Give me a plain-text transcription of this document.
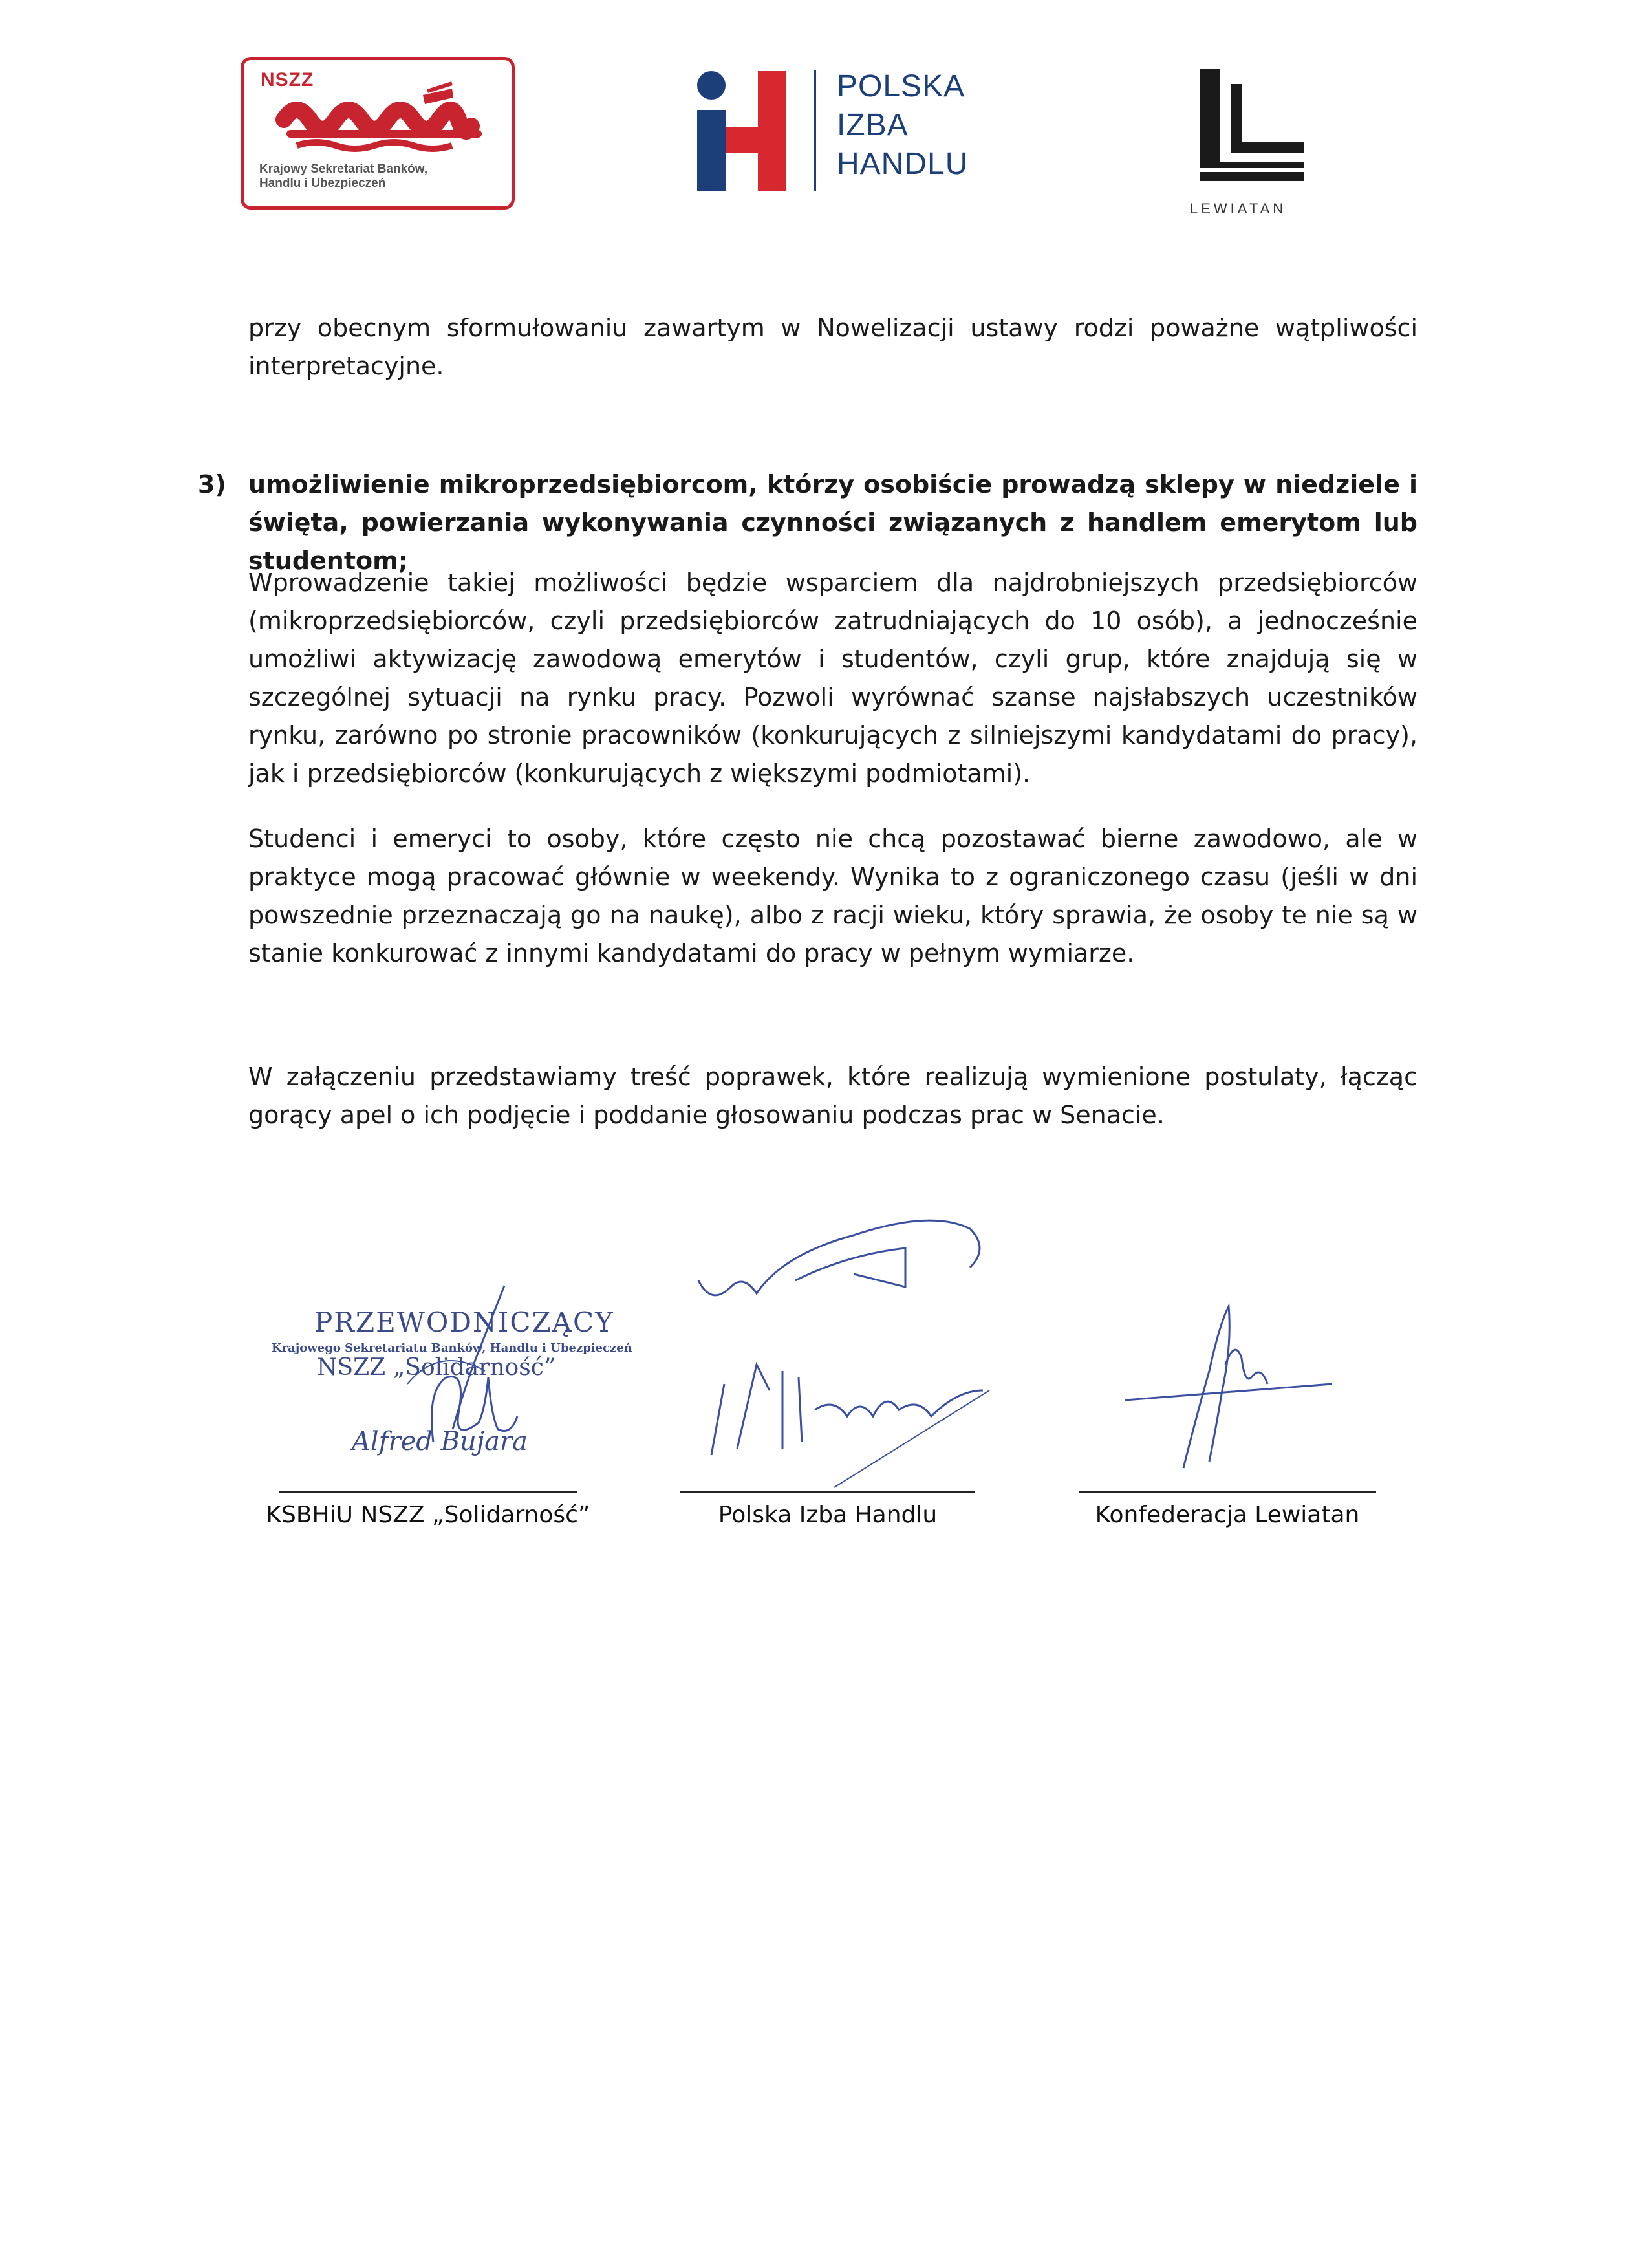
NSZZ
Krajowy Sekretariat Banków,
Handlu i Ubezpieczeń
POLSKA
IZBA
HANDLU
LEWIATAN
przy obecnym sformułowaniu zawartym w Nowelizacji ustawy rodzi poważne wątpliwości interpretacyjne.
3) umożliwienie mikroprzedsiębiorcom, którzy osobiście prowadzą sklepy w niedziele i święta, powierzania wykonywania czynności związanych z handlem emerytom lub studentom;
Wprowadzenie takiej możliwości będzie wsparciem dla najdrobniejszych przedsiębiorców (mikroprzedsiębiorców, czyli przedsiębiorców zatrudniających do 10 osób), a jednocześnie umożliwi aktywizację zawodową emerytów i studentów, czyli grup, które znajdują się w szczególnej sytuacji na rynku pracy. Pozwoli wyrównać szanse najsłabszych uczestników rynku, zarówno po stronie pracowników (konkurujących z silniejszymi kandydatami do pracy), jak i przedsiębiorców (konkurujących z większymi podmiotami).
Studenci i emeryci to osoby, które często nie chcą pozostawać bierne zawodowo, ale w praktyce mogą pracować głównie w weekendy. Wynika to z ograniczonego czasu (jeśli w dni powszednie przeznaczają go na naukę), albo z racji wieku, który sprawia, że osoby te nie są w stanie konkurować z innymi kandydatami do pracy w pełnym wymiarze.
W załączeniu przedstawiamy treść poprawek, które realizują wymienione postulaty, łącząc gorący apel o ich podjęcie i poddanie głosowaniu podczas prac w Senacie.
PRZEWODNICZĄCY
Krajowego Sekretariatu Banków, Handlu i Ubezpieczeń
NSZZ „Solidarność”
Alfred Bujara
KSBHiU NSZZ „Solidarność”	Polska Izba Handlu	Konfederacja Lewiatan
